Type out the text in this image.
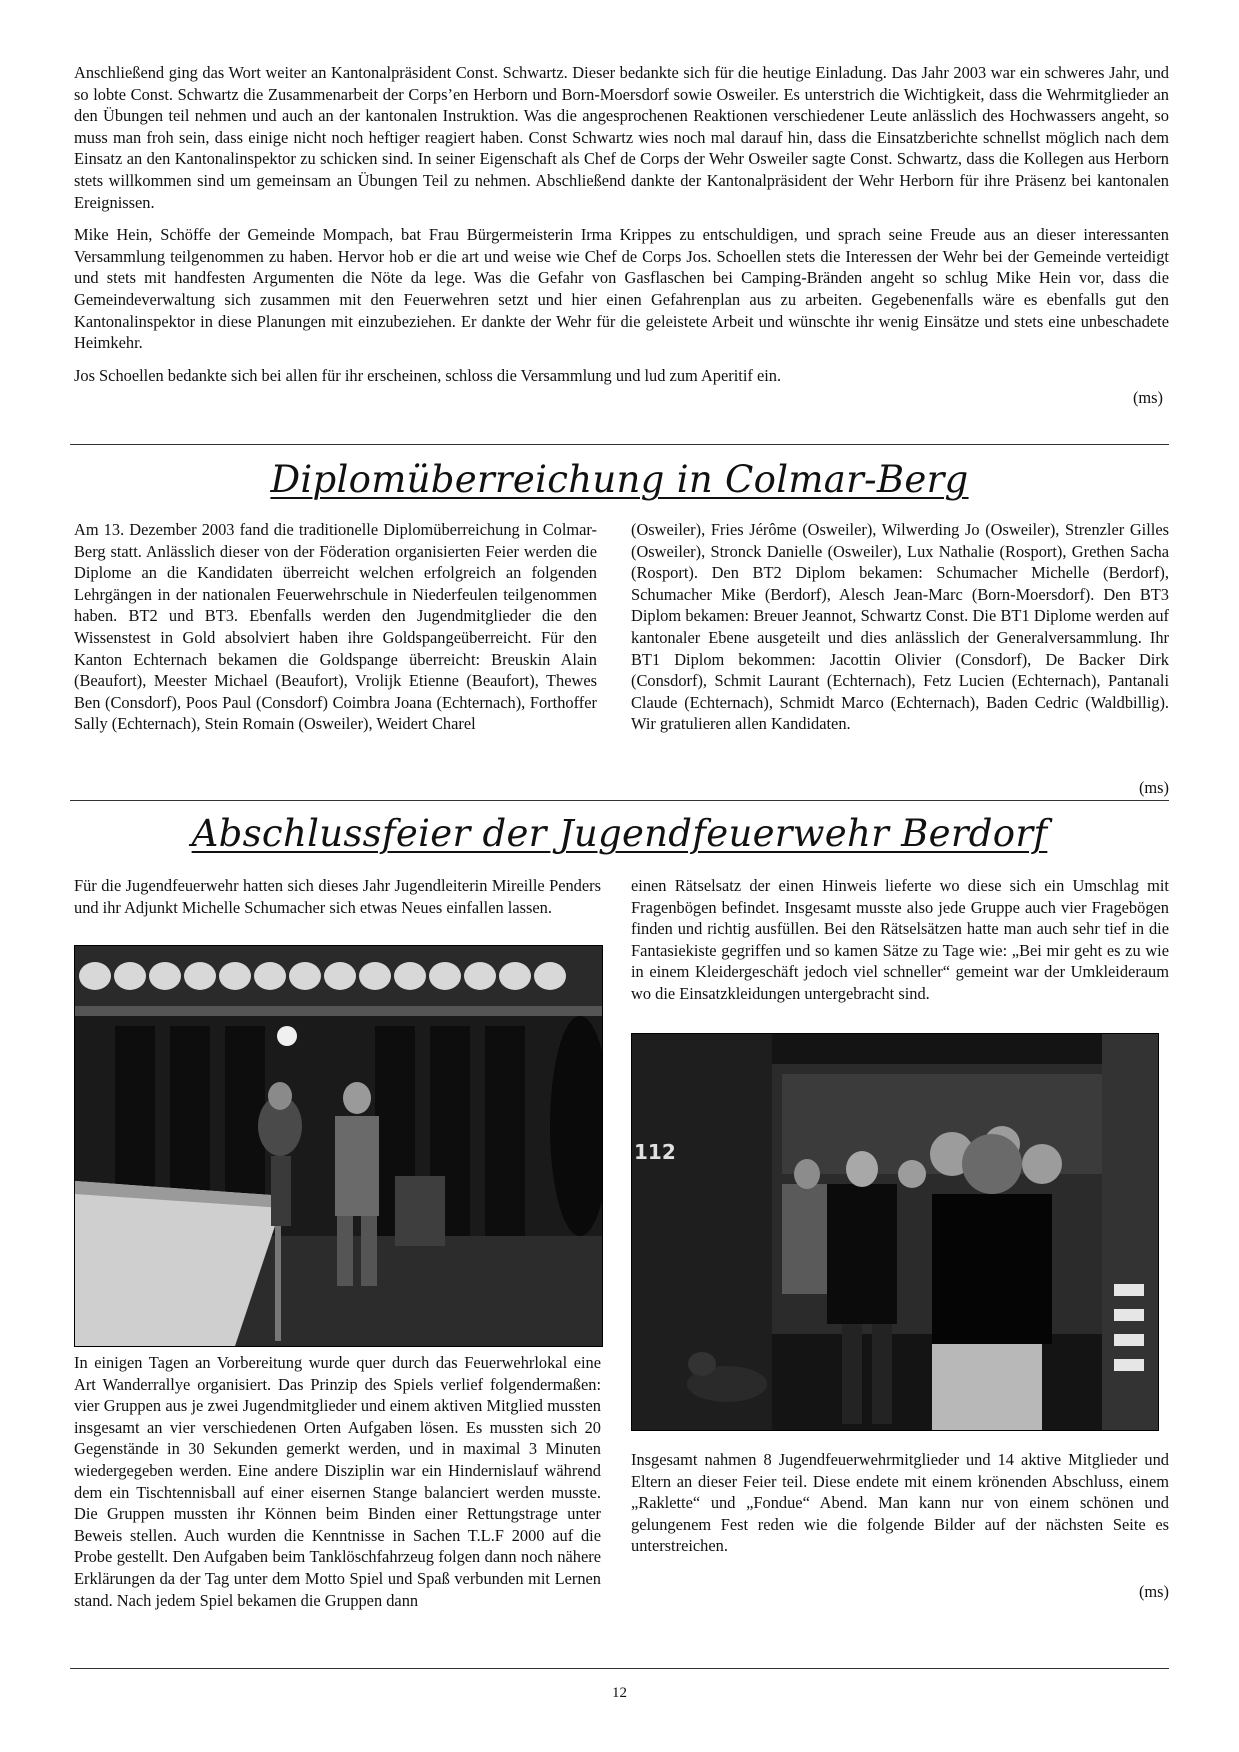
Anschließend ging das Wort weiter an Kantonalpräsident Const. Schwartz. Dieser bedankte sich für die heutige Einladung. Das Jahr 2003 war ein schweres Jahr, und so lobte Const. Schwartz die Zusammenarbeit der Corps’en Herborn und Born-Moersdorf sowie Osweiler. Es unterstrich die Wichtigkeit, dass die Wehrmitglieder an den Übungen teil nehmen und auch an der kantonalen Instruktion. Was die angesprochenen Reaktionen verschiedener Leute anlässlich des Hochwassers angeht, so muss man froh sein, dass einige nicht noch heftiger reagiert haben. Const Schwartz wies noch mal darauf hin, dass die Einsatzberichte schnellst möglich nach dem Einsatz an den Kantonalinspektor zu schicken sind. In seiner Eigenschaft als Chef de Corps der Wehr Osweiler sagte Const. Schwartz, dass die Kollegen aus Herborn stets willkommen sind um gemeinsam an Übungen Teil zu nehmen. Abschließend dankte der Kantonalpräsident der Wehr Herborn für ihre Präsenz bei kantonalen Ereignissen.

Mike Hein, Schöffe der Gemeinde Mompach, bat Frau Bürgermeisterin Irma Krippes zu entschuldigen, und sprach seine Freude aus an dieser interessanten Versammlung teilgenommen zu haben. Hervor hob er die art und weise wie Chef de Corps Jos. Schoellen stets die Interessen der Wehr bei der Gemeinde verteidigt und stets mit handfesten Argumenten die Nöte da lege. Was die Gefahr von Gasflaschen bei Camping-Bränden angeht so schlug Mike Hein vor, dass die Gemeindeverwaltung sich zusammen mit den Feuerwehren setzt und hier einen Gefahrenplan aus zu arbeiten. Gegebenenfalls wäre es ebenfalls gut den Kantonalinspektor in diese Planungen mit einzubeziehen. Er dankte der Wehr für die geleistete Arbeit und wünschte ihr wenig Einsätze und stets eine unbeschadete Heimkehr.

Jos Schoellen bedankte sich bei allen für ihr erscheinen, schloss die Versammlung und lud zum Aperitif ein.

(ms)
Diplomüberreichung in Colmar-Berg
Am 13. Dezember 2003 fand die traditionelle Diplomüberreichung in Colmar-Berg statt. Anlässlich dieser von der Föderation organisierten Feier werden die Diplome an die Kandidaten überreicht welchen erfolgreich an folgenden Lehrgängen in der nationalen Feuerwehrschule in Niederfeulen teilgenommen haben. BT2 und BT3. Ebenfalls werden den Jugendmitglieder die den Wissenstest in Gold absolviert haben ihre Goldspangeüberreicht. Für den Kanton Echternach bekamen die Goldspange überreicht: Breuskin Alain (Beaufort), Meester Michael (Beaufort), Vrolijk Etienne (Beaufort), Thewes Ben (Consdorf), Poos Paul (Consdorf) Coimbra Joana (Echternach), Forthoffer Sally (Echternach), Stein Romain (Osweiler), Weidert Charel
(Osweiler), Fries Jérôme (Osweiler), Wilwerding Jo (Osweiler), Strenzler Gilles (Osweiler), Stronck Danielle (Osweiler), Lux Nathalie (Rosport), Grethen Sacha (Rosport). Den BT2 Diplom bekamen: Schumacher Michelle (Berdorf), Schumacher Mike (Berdorf), Alesch Jean-Marc (Born-Moersdorf). Den BT3 Diplom bekamen: Breuer Jeannot, Schwartz Const. Die BT1 Diplome werden auf kantonaler Ebene ausgeteilt und dies anlässlich der Generalversammlung. Ihr BT1 Diplom bekommen: Jacottin Olivier (Consdorf), De Backer Dirk (Consdorf), Schmit Laurant (Echternach), Fetz Lucien (Echternach), Pantanali Claude (Echternach), Schmidt Marco (Echternach), Baden Cedric (Waldbillig). Wir gratulieren allen Kandidaten.
(ms)
Abschlussfeier der Jugendfeuerwehr Berdorf
Für die Jugendfeuerwehr hatten sich dieses Jahr Jugendleiterin Mireille Penders und ihr Adjunkt Michelle Schumacher sich etwas Neues einfallen lassen.
In einigen Tagen an Vorbereitung wurde quer durch das Feuerwehrlokal eine Art Wanderrallye organisiert. Das Prinzip des Spiels verlief folgendermaßen: vier Gruppen aus je zwei Jugendmitglieder und einem aktiven Mitglied mussten insgesamt an vier verschiedenen Orten Aufgaben lösen. Es mussten sich 20 Gegenstände in 30 Sekunden gemerkt werden, und in maximal 3 Minuten wiedergegeben werden. Eine andere Disziplin war ein Hindernislauf während dem ein Tischtennisball auf einer eisernen Stange balanciert werden musste. Die Gruppen mussten ihr Können beim Binden einer Rettungstrage unter Beweis stellen. Auch wurden die Kenntnisse in Sachen T.L.F 2000 auf die Probe gestellt. Den Aufgaben beim Tanklöschfahrzeug folgen dann noch nähere Erklärungen da der Tag unter dem Motto Spiel und Spaß verbunden mit Lernen stand. Nach jedem Spiel bekamen die Gruppen dann
einen Rätselsatz der einen Hinweis lieferte wo diese sich ein Umschlag mit Fragenbögen befindet. Insgesamt musste also jede Gruppe auch vier Fragebögen finden und richtig ausfüllen. Bei den Rätselsätzen hatte man auch sehr tief in die Fantasiekiste gegriffen und so kamen Sätze zu Tage wie: „Bei mir geht es zu wie in einem Kleidergeschäft jedoch viel schneller“ gemeint war der Umkleideraum wo die Einsatzkleidungen untergebracht sind.
112
Insgesamt nahmen 8 Jugendfeuerwehrmitglieder und 14 aktive Mitglieder und Eltern an dieser Feier teil. Diese endete mit einem krönenden Abschluss, einem „Raklette“ und „Fondue“ Abend. Man kann nur von einem schönen und gelungenem Fest reden wie die folgende Bilder auf der nächsten Seite es unterstreichen.
(ms)
12
